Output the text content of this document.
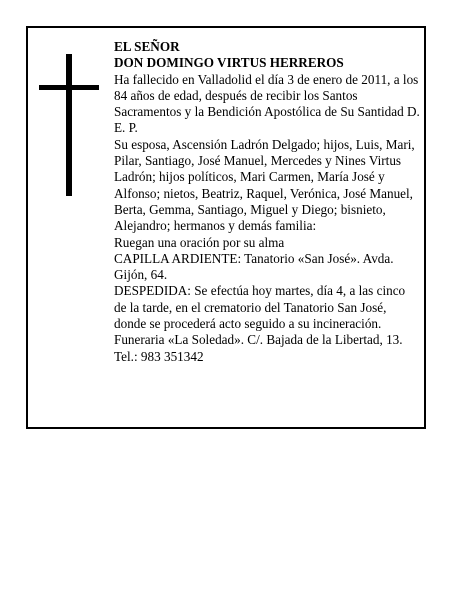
EL SEÑOR

DON DOMINGO VIRTUS HERREROS

Ha fallecido en Valladolid el día 3 de enero de 2011, a los 84 años de edad, después de recibir los Santos Sacramentos y la Bendición Apostólica de Su Santidad D. E. P.

Su esposa, Ascensión Ladrón Delgado; hijos, Luis, Mari, Pilar, Santiago, José Manuel, Mercedes y Nines Virtus Ladrón; hijos políticos, Mari Carmen, María José y Alfonso; nietos, Beatriz, Raquel, Verónica, José Manuel, Berta, Gemma, Santiago, Miguel y Diego; bisnieto, Alejandro; hermanos y demás familia:

Ruegan una oración por su alma

CAPILLA ARDIENTE: Tanatorio «San José». Avda. Gijón, 64.

DESPEDIDA: Se efectúa hoy martes, día 4, a las cinco de la tarde, en el crematorio del Tanatorio San José, donde se procederá acto seguido a su incineración.

Funeraria «La Soledad». C/. Bajada de la Libertad, 13.

Tel.: 983 351342
